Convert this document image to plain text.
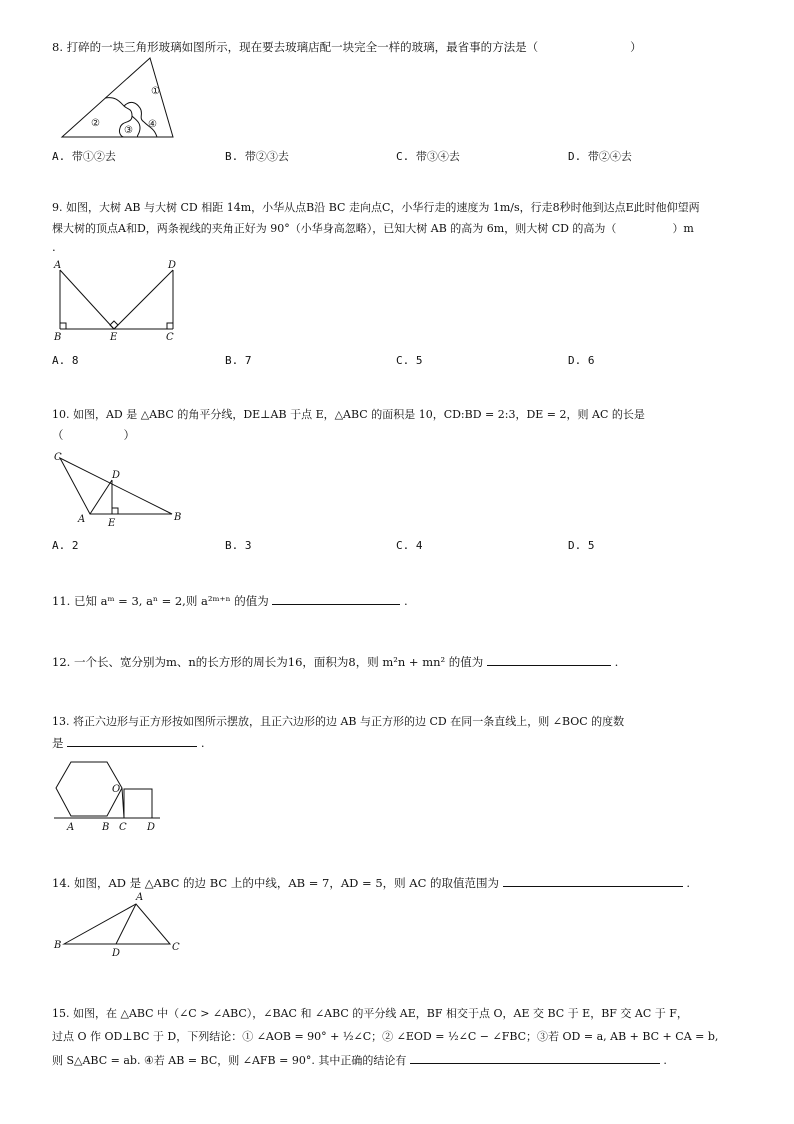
8. 打碎的一块三角形玻璃如图所示，现在要去玻璃店配一块完全一样的玻璃，最省事的方法是（	）
①
②
③
④
A. 带①②去	B. 带②③去	C. 带③④去	D. 带②④去
9. 如图，大树 AB 与大树 CD 相距 14m，小华从点B沿 BC 走向点C，小华行走的速度为 1m/s，行走8秒时他到达点E此时他仰望两
棵大树的顶点A和D，两条视线的夹角正好为 90°（小华身高忽略），已知大树 AB 的高为 6m，则大树 CD 的高为（	）m
.
A	D
B	E	C
A. 8	B. 7	C. 5	D. 6
10. 如图，AD 是 △ABC 的角平分线，DE⊥AB 于点 E，△ABC 的面积是 10，CD:BD = 2:3，DE = 2，则 AC 的长是
（	）
C
D
A E
B
A. 2	B. 3	C. 4	D. 5
11. 已知 aᵐ = 3, aⁿ = 2,则 a²ᵐ⁺ⁿ 的值为	.
12. 一个长、宽分别为m、n的长方形的周长为16，面积为8，则 m²n + mn² 的值为	.
13. 将正六边形与正方形按如图所示摆放，且正六边形的边 AB 与正方形的边 CD 在同一条直线上，则 ∠BOC 的度数
是	.
O
A	B C D
14. 如图，AD 是 △ABC 的边 BC 上的中线，AB = 7，AD = 5，则 AC 的取值范围为	.
A
B
D
C
15. 如图，在 △ABC 中（∠C > ∠ABC），∠BAC 和 ∠ABC 的平分线 AE，BF 相交于点 O，AE 交 BC 于 E，BF 交 AC 于 F，
过点 O 作 OD⊥BC 于 D，下列结论：① ∠AOB = 90° + ½∠C；② ∠EOD = ½∠C − ∠FBC；③若 OD = a, AB + BC + CA = b,
则 S△ABC = ab. ④若 AB = BC，则 ∠AFB = 90°. 其中正确的结论有	.
